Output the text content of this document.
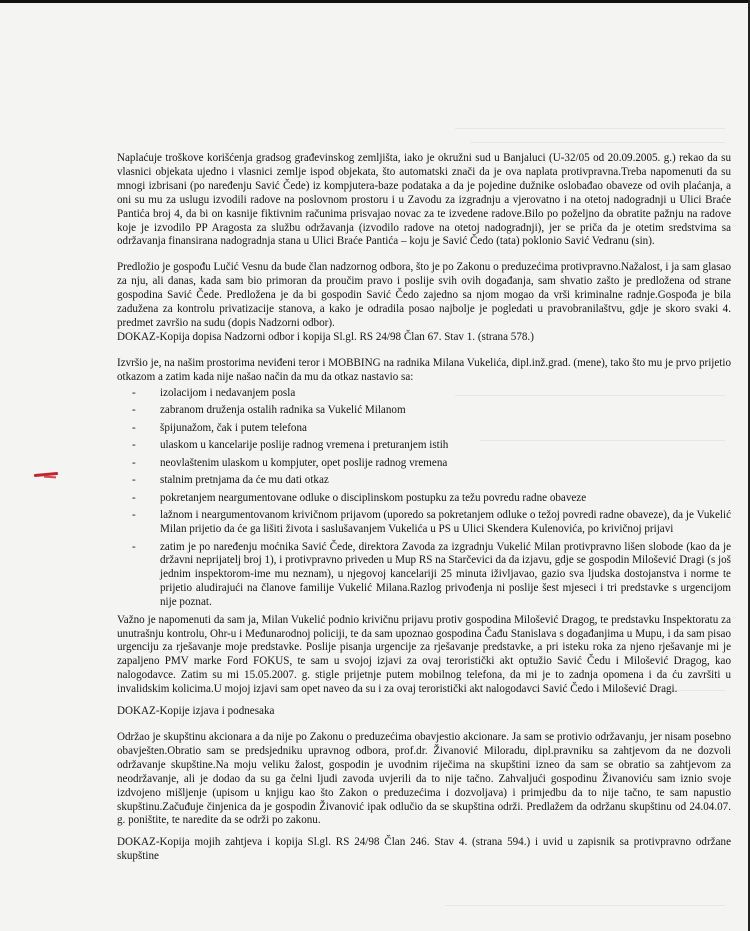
Naplaćuje troškove korišćenja gradsog građevinskog zemljišta, iako je okružni sud u Banjaluci (U-32/05 od 20.09.2005. g.) rekao da su vlasnici objekata ujedno i vlasnici zemlje ispod objekata, što automatski znači da je ova naplata protivpravna.Treba napomenuti da su mnogi izbrisani (po naređenju Savić Čede) iz kompjutera-baze podataka a da je pojedine dužnike oslobađao obaveze od ovih plaćanja, a oni su mu za uslugu izvodili radove na poslovnom prostoru i u Zavodu za izgradnju a vjerovatno i na otetoj nadogradnji u Ulici Braće Pantića broj 4, da bi on kasnije fiktivnim računima prisvajao novac za te izvedene radove.Bilo po poželjno da obratite pažnju na radove koje je izvodilo PP Aragosta za službu održavanja (izvodilo radove na otetoj nadogradnji), jer se priča da je otetim sredstvima sa održavanja finansirana nadogradnja stana u Ulici Braće Pantića – koju je Savić Čedo (tata) poklonio Savić Vedranu (sin).

Predložio je gospođu Lučić Vesnu da bude član nadzornog odbora, što je po Zakonu o preduzećima protivpravno.Nažalost, i ja sam glasao za nju, ali danas, kada sam bio primoran da proučim pravo i poslije svih ovih događanja, sam shvatio zašto je predložena od strane gospodina Savić Čede. Predložena je da bi gospodin Savić Čedo zajedno sa njom mogao da vrši kriminalne radnje.Gospođa je bila zadužena za kontrolu privatizacije stanova, a kako je odradila posao najbolje je pogledati u pravobranilaštvu, gdje je skoro svaki 4. predmet završio na sudu (dopis Nadzorni odbor).

DOKAZ-Kopija dopisa Nadzorni odbor i kopija Sl.gl. RS 24/98 Član 67. Stav 1. (strana 578.)

Izvršio je, na našim prostorima neviđeni teror i MOBBING na radnika Milana Vukelića, dipl.inž.grad. (mene), tako što mu je prvo prijetio otkazom a zatim kada nije našao način da mu da otkaz nastavio sa:

- izolacijom i nedavanjem posla
- zabranom druženja ostalih radnika sa Vukelić Milanom
- špijunažom, čak i putem telefona
- ulaskom u kancelarije poslije radnog vremena i preturanjem istih
- neovlaštenim ulaskom u kompjuter, opet poslije radnog vremena
- stalnim pretnjama da će mu dati otkaz
- pokretanjem neargumentovane odluke o disciplinskom postupku za težu povredu radne obaveze
- lažnom i neargumentovanom krivičnom prijavom (uporedo sa pokretanjem odluke o težoj povredi radne obaveze), da je Vukelić Milan prijetio da će ga lišiti života i saslušavanjem Vukelića u PS u Ulici Skendera Kulenovića, po krivičnoj prijavi
- zatim je po naređenju moćnika Savić Čede, direktora Zavoda za izgradnju Vukelić Milan protivpravno lišen slobode (kao da je državni neprijatelj broj 1), i protivpravno priveden u Mup RS na Starčevici da da izjavu, gdje se gospodin Milošević Dragi (s još jednim inspektorom-ime mu neznam), u njegovoj kancelariji 25 minuta iživljavao, gazio sva ljudska dostojanstva i norme te prijetio aludirajući na članove familije Vukelić Milana.Razlog privođenja ni poslije šest mjeseci i tri predstavke s urgencijom nije poznat.

Važno je napomenuti da sam ja, Milan Vukelić podnio krivičnu prijavu protiv gospodina Milošević Dragog, te predstavku Inspektoratu za unutrašnju kontrolu, Ohr-u i Međunarodnoj policiji, te da sam upoznao gospodina Čađu Stanislava s događanjima u Mupu, i da sam pisao urgenciju za rješavanje moje predstavke. Poslije pisanja urgencije za rješavanje predstavke, a pri isteku roka za njeno rješavanje mi je zapaljeno PMV marke Ford FOKUS, te sam u svojoj izjavi za ovaj teroristički akt optužio Savić Čedu i Milošević Dragog, kao nalogodavce. Zatim su mi 15.05.2007. g. stigle prijetnje putem mobilnog telefona, da mi je to zadnja opomena i da ću završiti u invalidskim kolicima.U mojoj izjavi sam opet naveo da su i za ovaj teroristički akt nalogodavci Savić Čedo i Milošević Dragi.

DOKAZ-Kopije izjava i podnesaka

Održao je skupštinu akcionara a da nije po Zakonu o preduzećima obavjestio akcionare. Ja sam se protivio održavanju, jer nisam posebno obavješten.Obratio sam se predsjedniku upravnog odbora, prof.dr. Živanović Miloradu, dipl.pravniku sa zahtjevom da ne dozvoli održavanje skupštine.Na moju veliku žalost, gospodin je uvodnim riječima na skupštini izneo da sam se obratio sa zahtjevom za neodržavanje, ali je dodao da su ga čelni ljudi zavoda uvjerili da to nije tačno. Zahvaljući gospodinu Živanoviću sam iznio svoje izdvojeno mišljenje (upisom u knjigu kao što Zakon o preduzećima i dozvoljava) i primjedbu da to nije tačno, te sam napustio skupštinu.Začuđuje činjenica da je gospodin Živanović ipak odlučio da se skupština održi. Predlažem da održanu skupštinu od 24.04.07. g. poništite, te naredite da se održi po zakonu.

DOKAZ-Kopija mojih zahtjeva i kopija Sl.gl. RS 24/98 Član 246. Stav 4. (strana 594.) i uvid u zapisnik sa protivpravno održane skupštine
